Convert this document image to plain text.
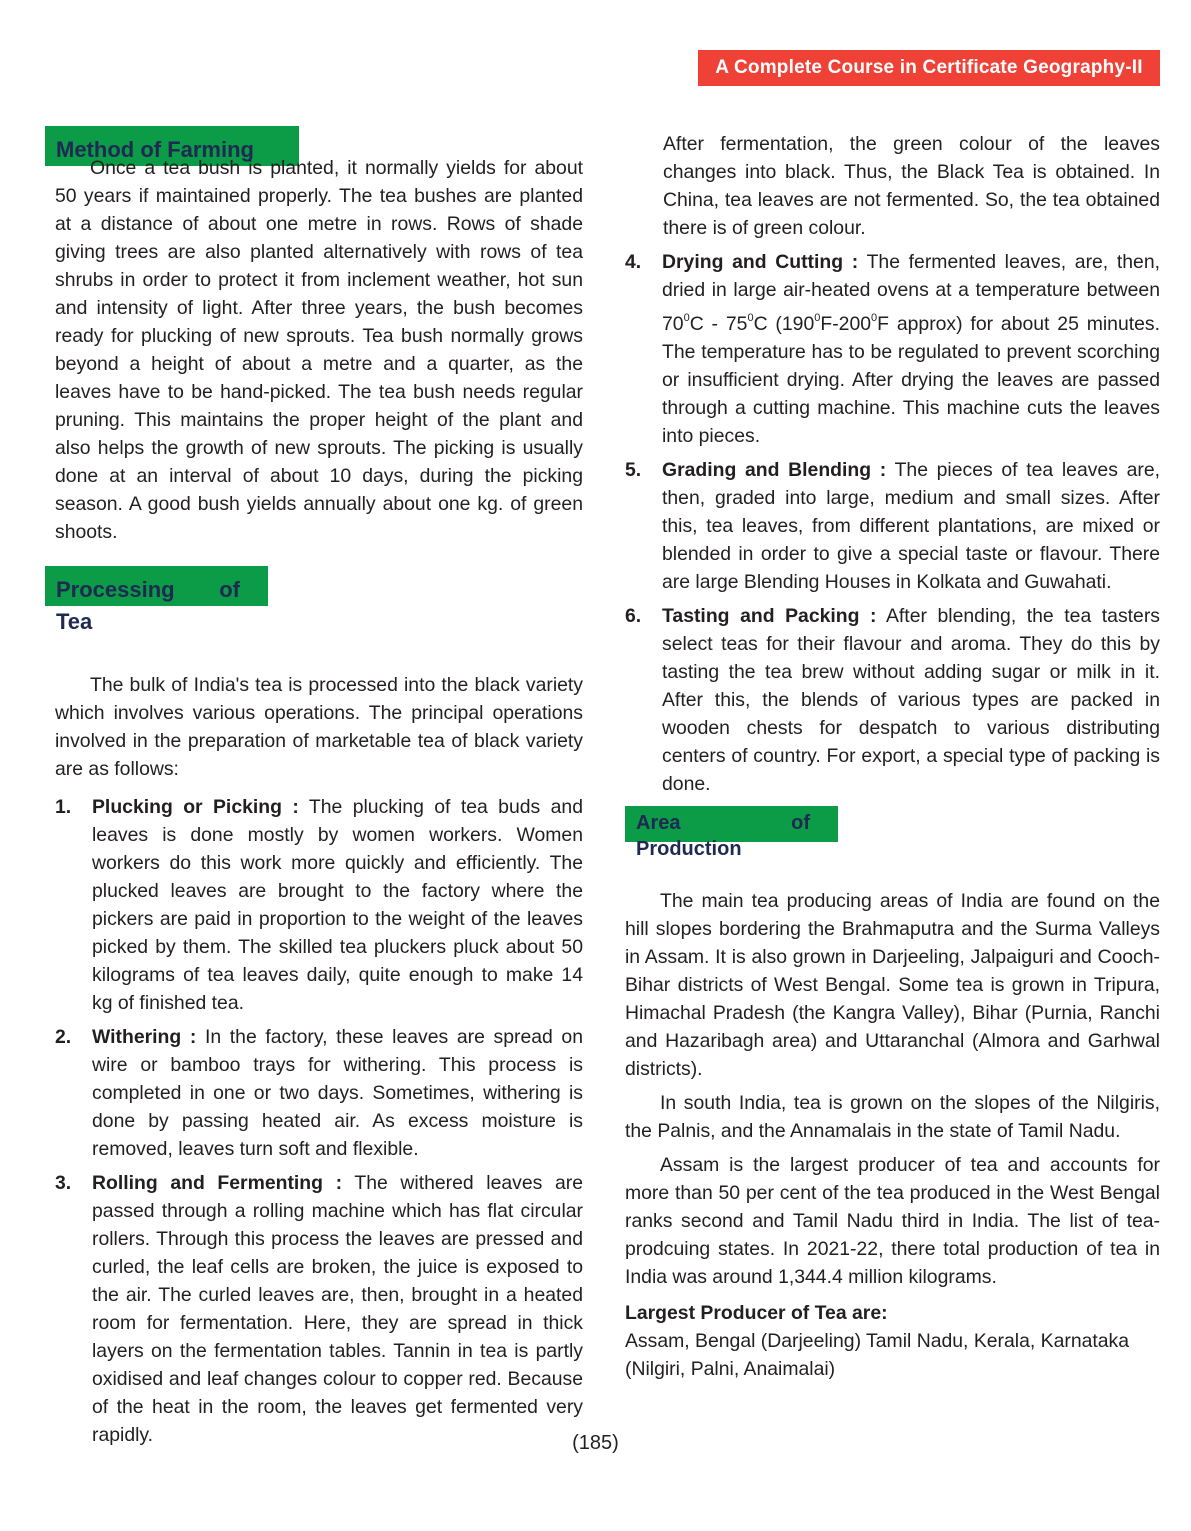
A Complete Course in Certificate Geography-II
Method of Farming

Once a tea bush is planted, it normally yields for about 50 years if maintained properly. The tea bushes are planted at a distance of about one metre in rows. Rows of shade giving trees are also planted alternatively with rows of tea shrubs in order to protect it from inclement weather, hot sun and intensity of light. After three years, the bush becomes ready for plucking of new sprouts. Tea bush normally grows beyond a height of about a metre and a quarter, as the leaves have to be hand-picked. The tea bush needs regular pruning. This maintains the proper height of the plant and also helps the growth of new sprouts. The picking is usually done at an interval of about 10 days, during the picking season. A good bush yields annually about one kg. of green shoots.

Processing of Tea

The bulk of India's tea is processed into the black variety which involves various operations. The principal operations involved in the preparation of marketable tea of black variety are as follows:

1. Plucking or Picking : The plucking of tea buds and leaves is done mostly by women workers. Women workers do this work more quickly and efficiently. The plucked leaves are brought to the factory where the pickers are paid in proportion to the weight of the leaves picked by them. The skilled tea pluckers pluck about 50 kilograms of tea leaves daily, quite enough to make 14 kg of finished tea.
2. Withering : In the factory, these leaves are spread on wire or bamboo trays for withering. This process is completed in one or two days. Sometimes, withering is done by passing heated air. As excess moisture is removed, leaves turn soft and flexible.
3. Rolling and Fermenting : The withered leaves are passed through a rolling machine which has flat circular rollers. Through this process the leaves are pressed and curled, the leaf cells are broken, the juice is exposed to the air. The curled leaves are, then, brought in a heated room for fermentation. Here, they are spread in thick layers on the fermentation tables. Tannin in tea is partly oxidised and leaf changes colour to copper red. Because of the heat in the room, the leaves get fermented very rapidly.

After fermentation, the green colour of the leaves changes into black. Thus, the Black Tea is obtained. In China, tea leaves are not fermented. So, the tea obtained there is of green colour.

4. Drying and Cutting : The fermented leaves, are, then, dried in large air-heated ovens at a temperature between $70^0C - 75^0C$ ($190^0F-200^0F$ approx) for about 25 minutes. The temperature has to be regulated to prevent scorching or insufficient drying. After drying the leaves are passed through a cutting machine. This machine cuts the leaves into pieces.
5. Grading and Blending : The pieces of tea leaves are, then, graded into large, medium and small sizes. After this, tea leaves, from different plantations, are mixed or blended in order to give a special taste or flavour. There are large Blending Houses in Kolkata and Guwahati.
6. Tasting and Packing : After blending, the tea tasters select teas for their flavour and aroma. They do this by tasting the tea brew without adding sugar or milk in it. After this, the blends of various types are packed in wooden chests for despatch to various distributing centers of country. For export, a special type of packing is done.
Area of Production

The main tea producing areas of India are found on the hill slopes bordering the Brahmaputra and the Surma Valleys in Assam. It is also grown in Darjeeling, Jalpaiguri and Cooch-Bihar districts of West Bengal. Some tea is grown in Tripura, Himachal Pradesh (the Kangra Valley), Bihar (Purnia, Ranchi and Hazaribagh area) and Uttaranchal (Almora and Garhwal districts).

In south India, tea is grown on the slopes of the Nilgiris, the Palnis, and the Annamalais in the state of Tamil Nadu.

Assam is the largest producer of tea and accounts for more than 50 per cent of the tea produced in the West Bengal ranks second and Tamil Nadu third in India. The list of tea-prodcuing states. In 2021-22, there total production of tea in India was around 1,344.4 million kilograms.

Largest Producer of Tea are:

Assam, Bengal (Darjeeling) Tamil Nadu, Kerala, Karnataka (Nilgiri, Palni, Anaimalai)

(185)
